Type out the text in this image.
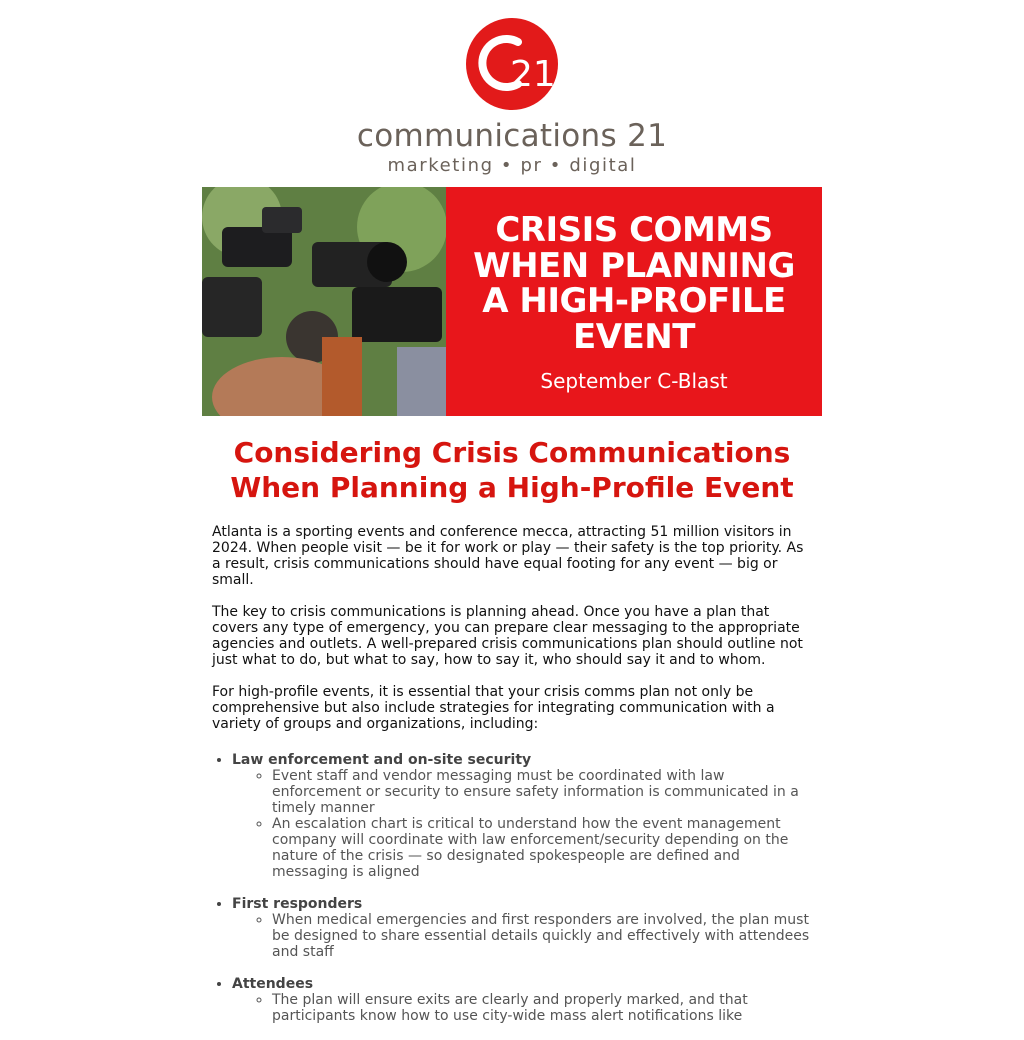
21
communications 21
marketing • pr • digital
CRISIS COMMS
WHEN PLANNING
A HIGH-PROFILE
EVENT
September C-Blast
Considering Crisis Communications
When Planning a High-Profile Event

Atlanta is a sporting events and conference mecca, attracting 51 million visitors in 2024. When people visit — be it for work or play — their safety is the top priority. As a result, crisis communications should have equal footing for any event — big or small.

The key to crisis communications is planning ahead. Once you have a plan that covers any type of emergency, you can prepare clear messaging to the appropriate agencies and outlets. A well-prepared crisis communications plan should outline not just what to do, but what to say, how to say it, who should say it and to whom.

For high-profile events, it is essential that your crisis comms plan not only be comprehensive but also include strategies for integrating communication with a variety of groups and organizations, including:

• Law enforcement and on-site security
◦ Event staff and vendor messaging must be coordinated with law enforcement or security to ensure safety information is communicated in a timely manner
◦ An escalation chart is critical to understand how the event management company will coordinate with law enforcement/security depending on the nature of the crisis — so designated spokespeople are defined and messaging is aligned
• First responders
◦ When medical emergencies and first responders are involved, the plan must be designed to share essential details quickly and effectively with attendees and staff
• Attendees
◦ The plan will ensure exits are clearly and properly marked, and that participants know how to use city-wide mass alert notifications like
